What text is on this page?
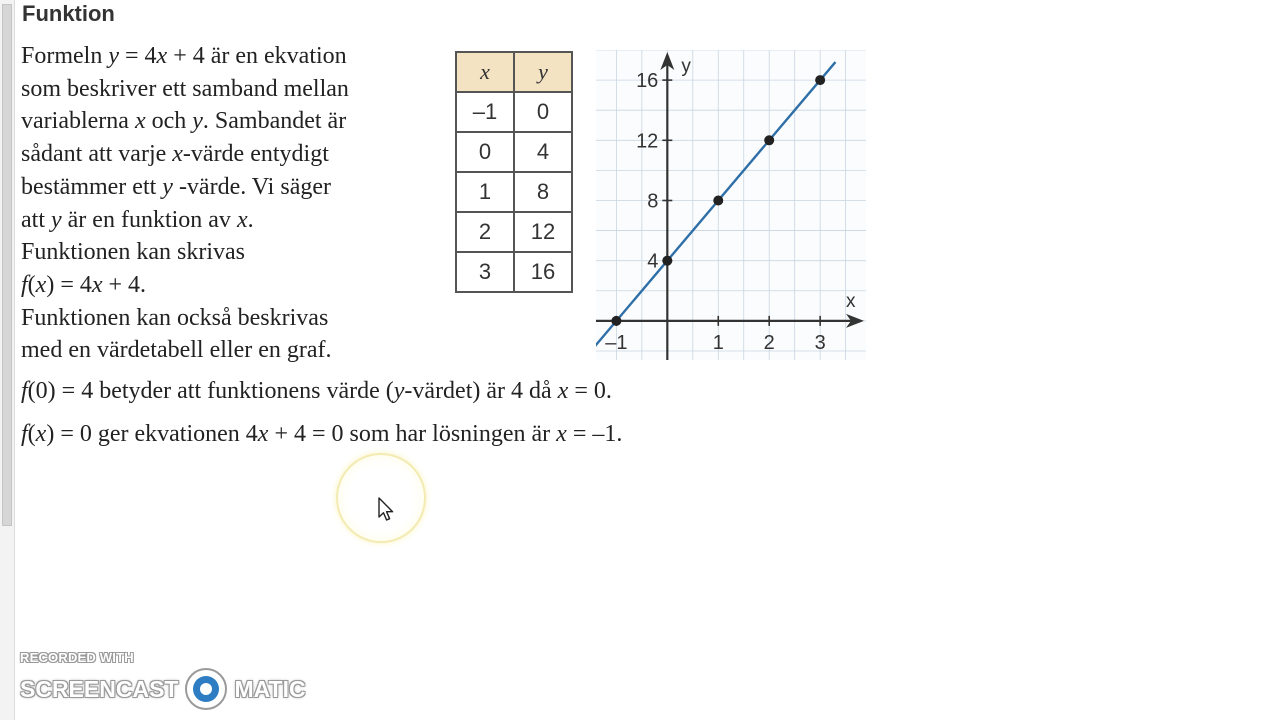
Funktion
Formeln y = 4x + 4 är en ekvation
som beskriver ett samband mellan
variablerna x och y. Sambandet är
sådant att varje x-värde entydigt
bestämmer ett y -värde. Vi säger
att y är en funktion av x.
Funktionen kan skrivas
f(x) = 4x + 4.
Funktionen kan också beskrivas
med en värdetabell eller en graf.
f(0) = 4 betyder att funktionens värde (y-värdet) är 4 då x = 0.
f(x) = 0 ger ekvationen 4x + 4 = 0 som har lösningen är x = –1.
x	y
–1	0
0	4
1	8
2	12
3	16
x
y
–1	1 2 3
4
8
12
16
RECORDED WITH
SCREENCAST MATIC
